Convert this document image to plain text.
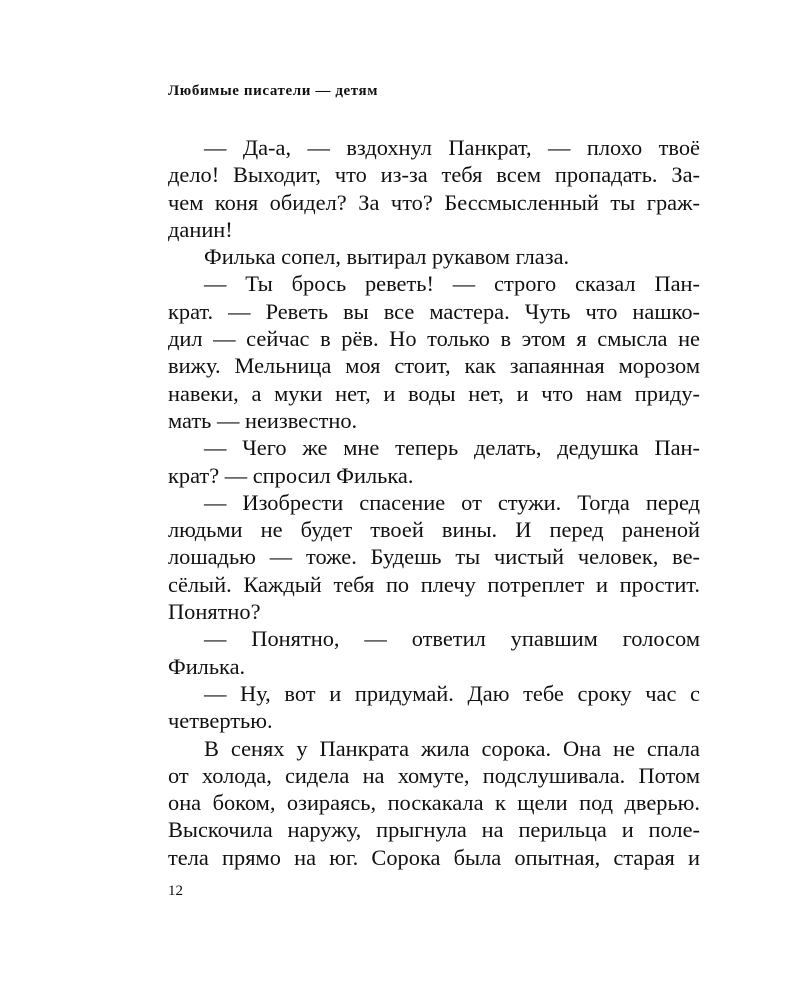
Любимые писатели — детям

— Да-а, — вздохнул Панкрат, — плохо твоё
дело! Выходит, что из-за тебя всем пропадать. За-
чем коня обидел? За что? Бессмысленный ты граж-
данин!

Филька сопел, вытирал рукавом глаза.

— Ты брось реветь! — строго сказал Пан-
крат. — Реветь вы все мастера. Чуть что нашко-
дил — сейчас в рёв. Но только в этом я смысла не
вижу. Мельница моя стоит, как запаянная морозом
навеки, а муки нет, и воды нет, и что нам приду-
мать — неизвестно.

— Чего же мне теперь делать, дедушка Пан-
крат? — спросил Филька.

— Изобрести спасение от стужи. Тогда перед
людьми не будет твоей вины. И перед раненой
лошадью — тоже. Будешь ты чистый человек, ве-
сёлый. Каждый тебя по плечу потреплет и простит.
Понятно?

— Понятно, — ответил упавшим голосом
Филька.

— Ну, вот и придумай. Даю тебе сроку час с
четвертью.

В сенях у Панкрата жила сорока. Она не спала
от холода, сидела на хомуте, подслушивала. Потом
она боком, озираясь, поскакала к щели под дверью.
Выскочила наружу, прыгнула на перильца и поле-
тела прямо на юг. Сорока была опытная, старая и

12
